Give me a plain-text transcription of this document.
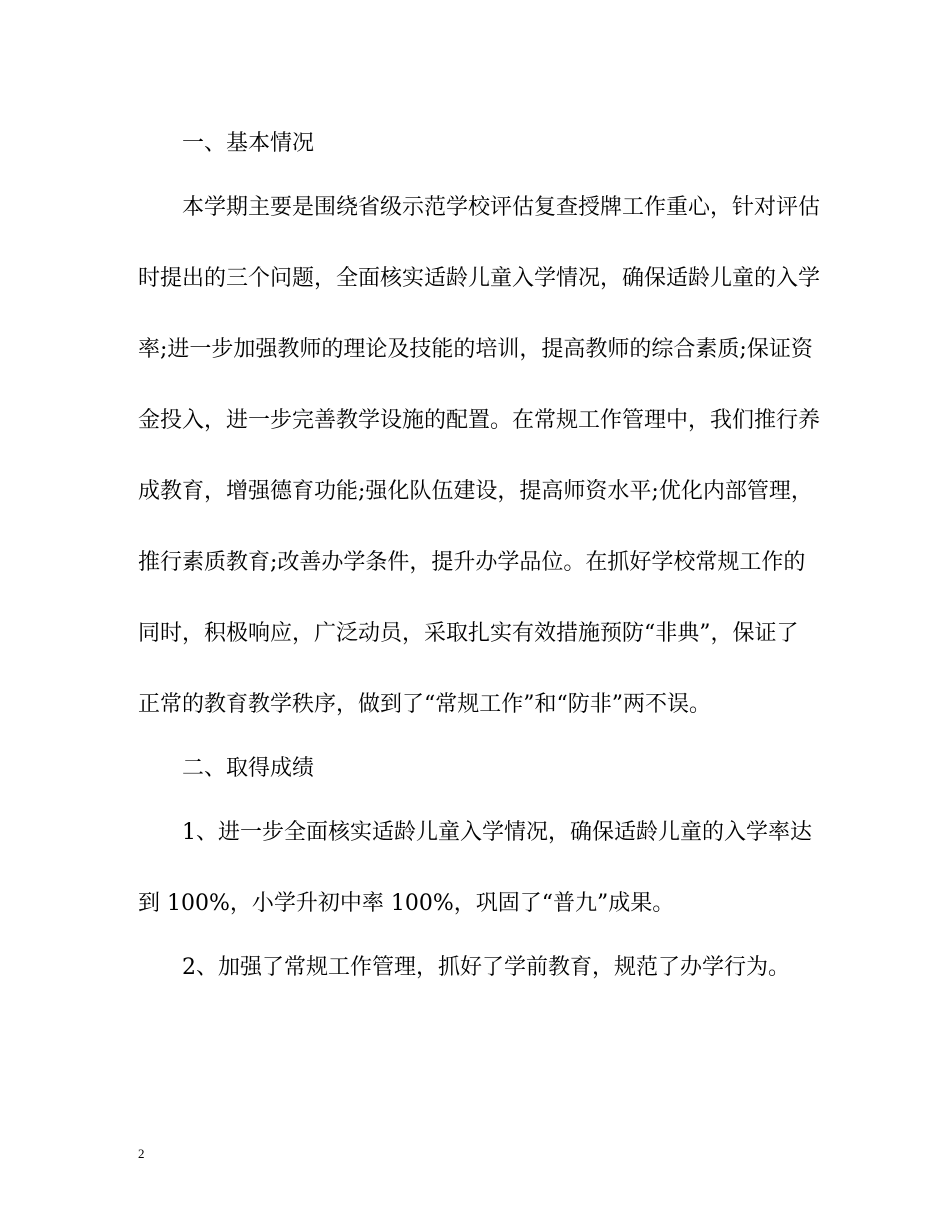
一、基本情况
本学期主要是围绕省级示范学校评估复查授牌工作重心，针对评估
时提出的三个问题，全面核实适龄儿童入学情况，确保适龄儿童的入学
率;进一步加强教师的理论及技能的培训，提高教师的综合素质;保证资
金投入，进一步完善教学设施的配置。在常规工作管理中，我们推行养
成教育，增强德育功能;强化队伍建设，提高师资水平;优化内部管理，
推行素质教育;改善办学条件，提升办学品位。在抓好学校常规工作的
同时，积极响应，广泛动员，采取扎实有效措施预防“非典”，保证了
正常的教育教学秩序，做到了“常规工作”和“防非”两不误。
二、取得成绩
1、进一步全面核实适龄儿童入学情况，确保适龄儿童的入学率达
到 100%，小学升初中率 100%，巩固了“普九”成果。
2、加强了常规工作管理，抓好了学前教育，规范了办学行为。
2
